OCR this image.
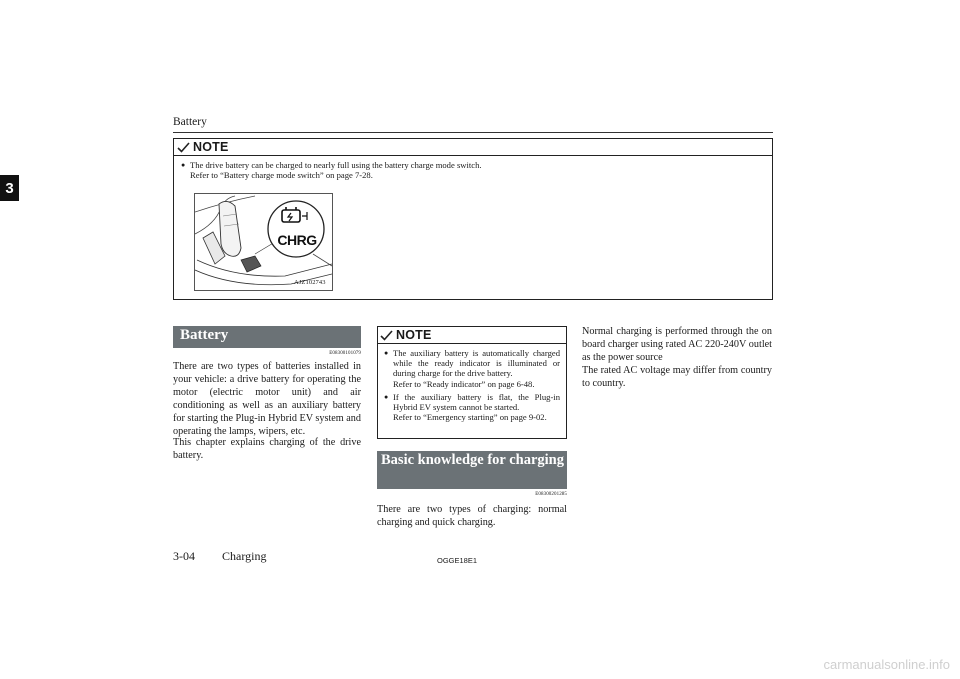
Battery
3
NOTE
● The drive battery can be charged to nearly full using the battery charge mode switch.
Refer to “Battery charge mode switch” on page 7-28.
CHRG
AJZ102743
Battery
E08300101079
There are two types of batteries installed in your vehicle: a drive battery for operating the motor (electric motor unit) and air conditioning as well as an auxiliary battery for starting the Plug-in Hybrid EV system and operating the lamps, wipers, etc.
This chapter explains charging of the drive battery.
NOTE
● The auxiliary battery is automatically charged while the ready indicator is illuminated or during charge for the drive battery.
Refer to “Ready indicator” on page 6-48.
● If the auxiliary battery is flat, the Plug-in Hybrid EV system cannot be started.
Refer to “Emergency starting” on page 9-02.
Basic knowledge for charging
E08300201285
There are two types of charging: normal charging and quick charging.
Normal charging is performed through the on board charger using rated AC 220-240V outlet as the power source
The rated AC voltage may differ from country to country.
3-04 Charging	OGGE18E1
carmanualsonline.info
